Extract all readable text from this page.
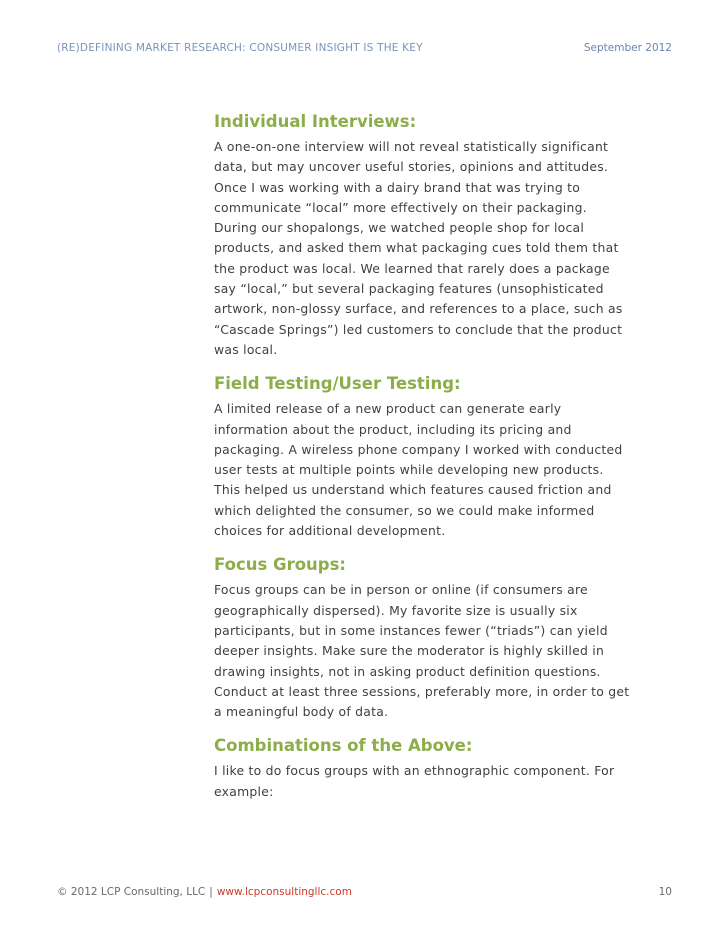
(RE)DEFINING MARKET RESEARCH: CONSUMER INSIGHT IS THE KEY	September 2012
Individual Interviews:

A one-on-one interview will not reveal statistically significant data, but may uncover useful stories, opinions and attitudes. Once I was working with a dairy brand that was trying to communicate “local” more effectively on their packaging. During our shopalongs, we watched people shop for local products, and asked them what packaging cues told them that the product was local. We learned that rarely does a package say “local,” but several packaging features (unsophisticated artwork, non-glossy surface, and references to a place, such as “Cascade Springs”) led customers to conclude that the product was local.

Field Testing/User Testing:

A limited release of a new product can generate early information about the product, including its pricing and packaging. A wireless phone company I worked with conducted user tests at multiple points while developing new products. This helped us understand which features caused friction and which delighted the consumer, so we could make informed choices for additional development.

Focus Groups:

Focus groups can be in person or online (if consumers are geographically dispersed). My favorite size is usually six participants, but in some instances fewer (“triads”) can yield deeper insights. Make sure the moderator is highly skilled in drawing insights, not in asking product definition questions. Conduct at least three sessions, preferably more, in order to get a meaningful body of data.

Combinations of the Above:

I like to do focus groups with an ethnographic component. For example:

© 2012 LCP Consulting, LLC | www.lcpconsultingllc.com	10
